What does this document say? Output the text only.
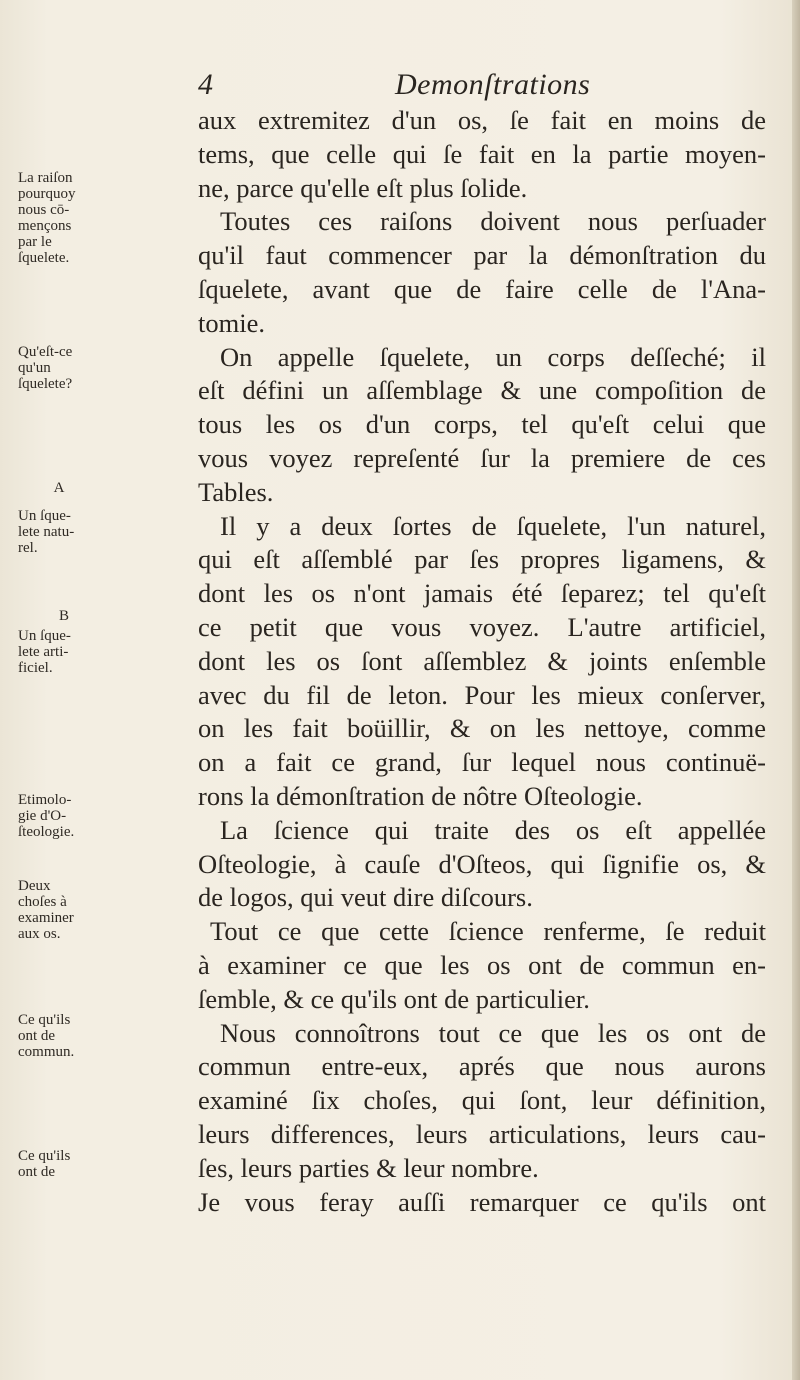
4	Demonſtrations
aux extremitez d'un os, ſe fait en moins de
tems, que celle qui ſe fait en la partie moyen-
ne, parce qu'elle eſt plus ſolide.
Toutes ces raiſons doivent nous perſuader
qu'il faut commencer par la démonſtration du
ſquelete, avant que de faire celle de l'Ana-
tomie.
On appelle ſquelete, un corps deſſeché; il
eſt défini un aſſemblage & une compoſition de
tous les os d'un corps, tel qu'eſt celui que
vous voyez repreſenté ſur la premiere de ces
Tables.
Il y a deux ſortes de ſquelete, l'un naturel,
qui eſt aſſemblé par ſes propres ligamens, &
dont les os n'ont jamais été ſeparez; tel qu'eſt
ce petit que vous voyez. L'autre artificiel,
dont les os ſont aſſemblez & joints enſemble
avec du fil de leton. Pour les mieux conſerver,
on les fait boüillir, & on les nettoye, comme
on a fait ce grand, ſur lequel nous continuë-
rons la démonſtration de nôtre Oſteologie.
La ſcience qui traite des os eſt appellée
Oſteologie, à cauſe d'Oſteos, qui ſignifie os, &
de logos, qui veut dire diſcours.
Tout ce que cette ſcience renferme, ſe reduit
à examiner ce que les os ont de commun en-
ſemble, & ce qu'ils ont de particulier.
Nous connoîtrons tout ce que les os ont de
commun entre-eux, aprés que nous aurons
examiné ſix choſes, qui ſont, leur définition,
leurs differences, leurs articulations, leurs cau-
ſes, leurs parties & leur nombre.
Je vous feray auſſi remarquer ce qu'ils ont
La raiſon
pourquoy
nous cō-
mençons
par le
ſquelete.
Qu'eſt-ce
qu'un
ſquelete?
A
Un ſque-
lete natu-
rel.
B
Un ſque-
lete arti-
ficiel.
Etimolo-
gie d'O-
ſteologie.
Deux
choſes à
examiner
aux os.
Ce qu'ils
ont de
commun.
Ce qu'ils
ont de
